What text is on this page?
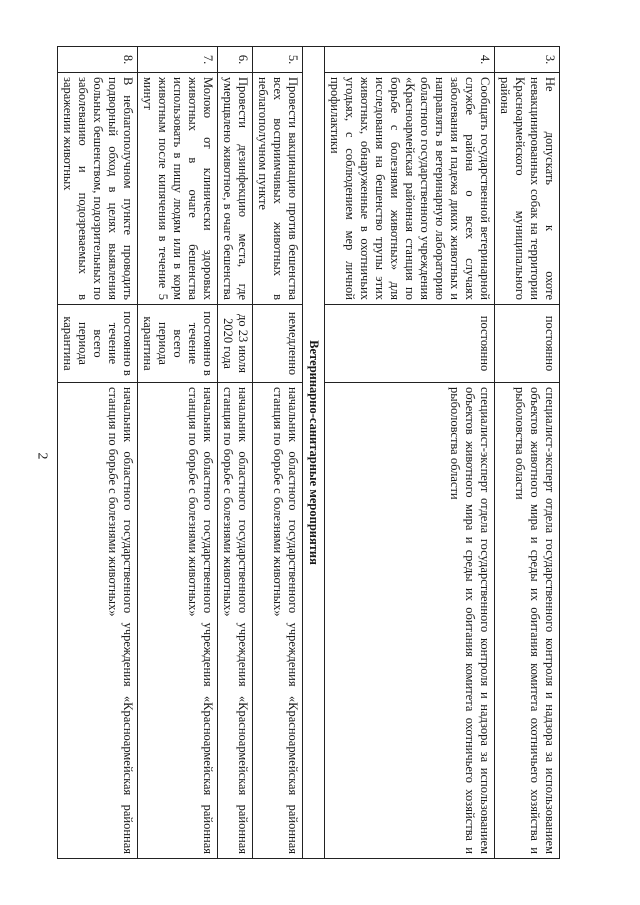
2
3.	Не допускать к охоте невакцинированных собак на территории Красноармейского муниципального района	постоянно	специалист-эксперт отдела государственного контроля и надзора за использованием объектов животного мира и среды их обитания комитета охотничьего хозяйства и рыболовства области
4.	Сообщать государственной ветеринарной службе района о всех случаях заболевания и падежа диких животных и направлять в ветеринарную лабораторию областного государственного учреждения «Красноармейская районная станция по борьбе с болезнями животных» для исследования на бешенство трупы этих животных, обнаруженные в охотничьих угодьях, с соблюдением мер личной профилактики	постоянно	специалист-эксперт отдела государственного контроля и надзора за использованием объектов животного мира и среды их обитания комитета охотничьего хозяйства и рыболовства области
Ветеринарно-санитарные мероприятия			
5.	Провести вакцинацию против бешенства всех восприимчивых животных в неблагополучном пункте	немедленно	начальник областного государственного учреждения «Красноармейская районная станция по борьбе с болезнями животных»
6.	Провести дезинфекцию места, где умерщвлено животное, в очаге бешенства	до 23 июля 2020 года	начальник областного государственного учреждения «Красноармейская районная станция по борьбе с болезнями животных»
7.	Молоко от клинически здоровых животных в очаге бешенства использовать в пищу людям или в корм животным после кипячения в течение 5 минут	постоянно в течение всего периода карантина	начальник областного государственного учреждения «Красноармейская районная станция по борьбе с болезнями животных»
8.	В неблагополучном пункте проводить подворный обход в целях выявления больных бешенством, подозрительных по заболеванию и подозреваемых в заражении животных	постоянно в течение всего периода карантина	начальник областного государственного учреждения «Красноармейская районная станция по борьбе с болезнями животных»
